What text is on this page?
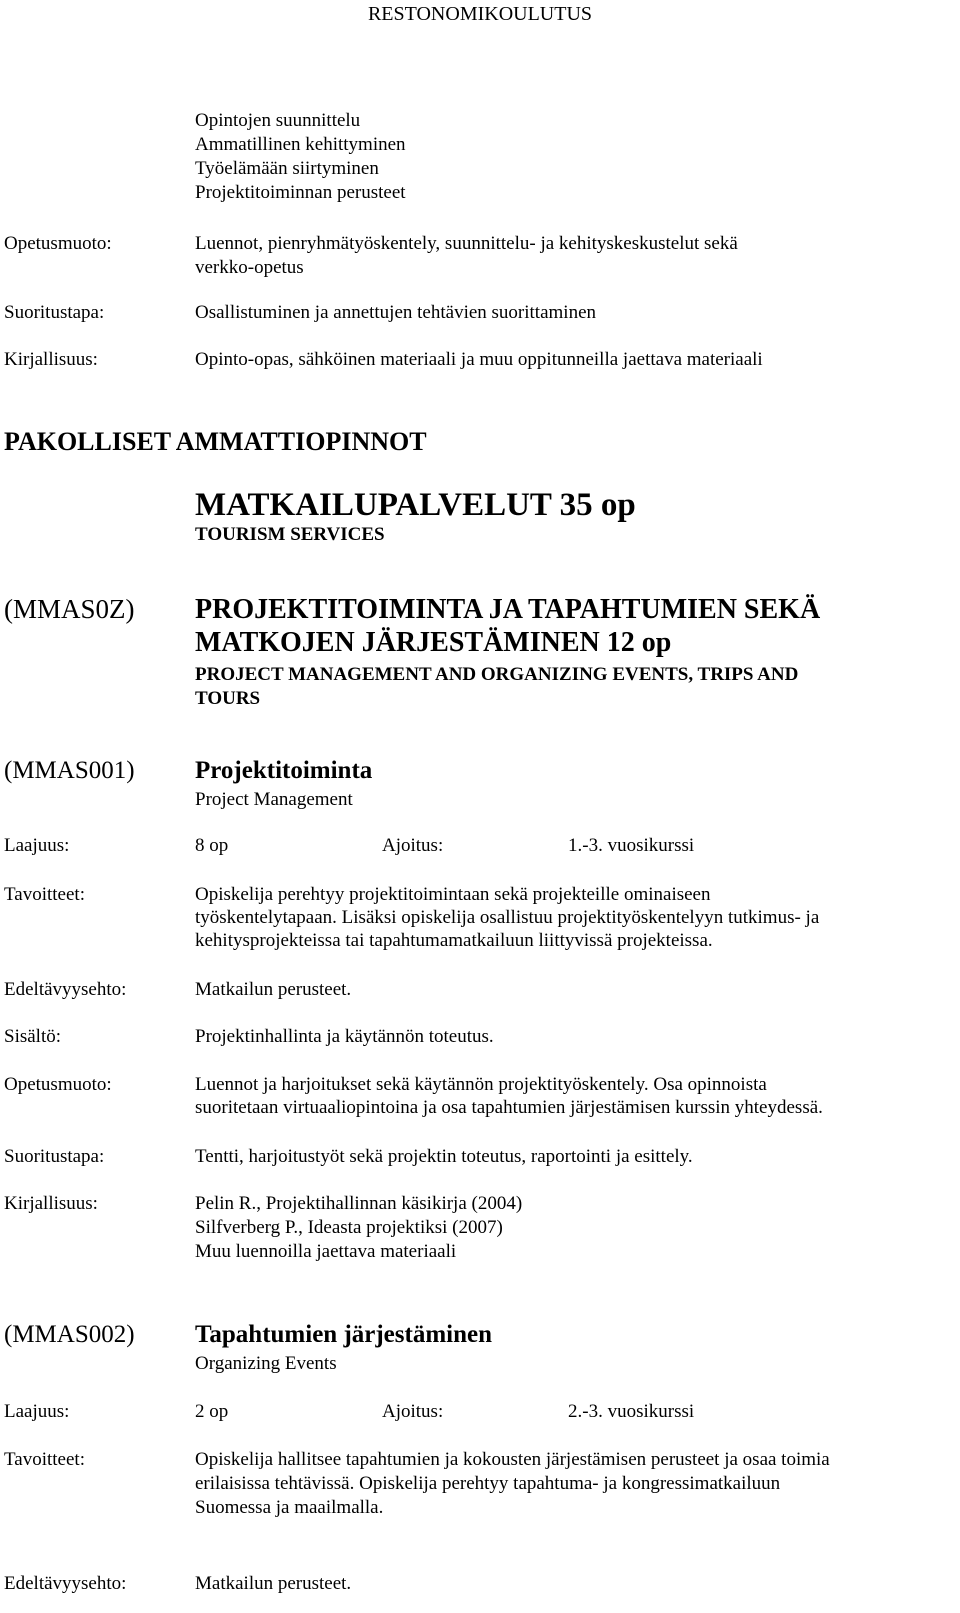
RESTONOMIKOULUTUS
Opintojen suunnittelu
Ammatillinen kehittyminen
Työelämään siirtyminen
Projektitoiminnan perusteet
Opetusmuoto:	Luennot, pienryhmätyöskentely, suunnittelu- ja kehityskeskustelut sekä
verkko-opetus
Suoritustapa:	Osallistuminen ja annettujen tehtävien suorittaminen
Kirjallisuus:	Opinto-opas, sähköinen materiaali ja muu oppitunneilla jaettava materiaali
PAKOLLISET AMMATTIOPINNOT
MATKAILUPALVELUT 35 op
TOURISM SERVICES
(MMAS0Z) PROJEKTITOIMINTA JA TAPAHTUMIEN SEKÄ
MATKOJEN JÄRJESTÄMINEN 12 op
PROJECT MANAGEMENT AND ORGANIZING EVENTS, TRIPS AND
TOURS
(MMAS001) Projektitoiminta
Project Management
Laajuus:	8 op	Ajoitus:	1.-3. vuosikurssi
Tavoitteet:	Opiskelija perehtyy projektitoimintaan sekä projekteille ominaiseen
työskentelytapaan. Lisäksi opiskelija osallistuu projektityöskentelyyn tutkimus- ja
kehitysprojekteissa tai tapahtumamatkailuun liittyvissä projekteissa.
Edeltävyysehto:	Matkailun perusteet.
Sisältö:	Projektinhallinta ja käytännön toteutus.
Opetusmuoto:	Luennot ja harjoitukset sekä käytännön projektityöskentely. Osa opinnoista
suoritetaan virtuaaliopintoina ja osa tapahtumien järjestämisen kurssin yhteydessä.
Suoritustapa:	Tentti, harjoitustyöt sekä projektin toteutus, raportointi ja esittely.
Kirjallisuus:	Pelin R., Projektihallinnan käsikirja (2004)
Silfverberg P., Ideasta projektiksi (2007)
Muu luennoilla jaettava materiaali
(MMAS002) Tapahtumien järjestäminen
Organizing Events
Laajuus:	2 op	Ajoitus:	2.-3. vuosikurssi
Tavoitteet:	Opiskelija hallitsee tapahtumien ja kokousten järjestämisen perusteet ja osaa toimia
erilaisissa tehtävissä. Opiskelija perehtyy tapahtuma- ja kongressimatkailuun
Suomessa ja maailmalla.
Edeltävyysehto:	Matkailun perusteet.
